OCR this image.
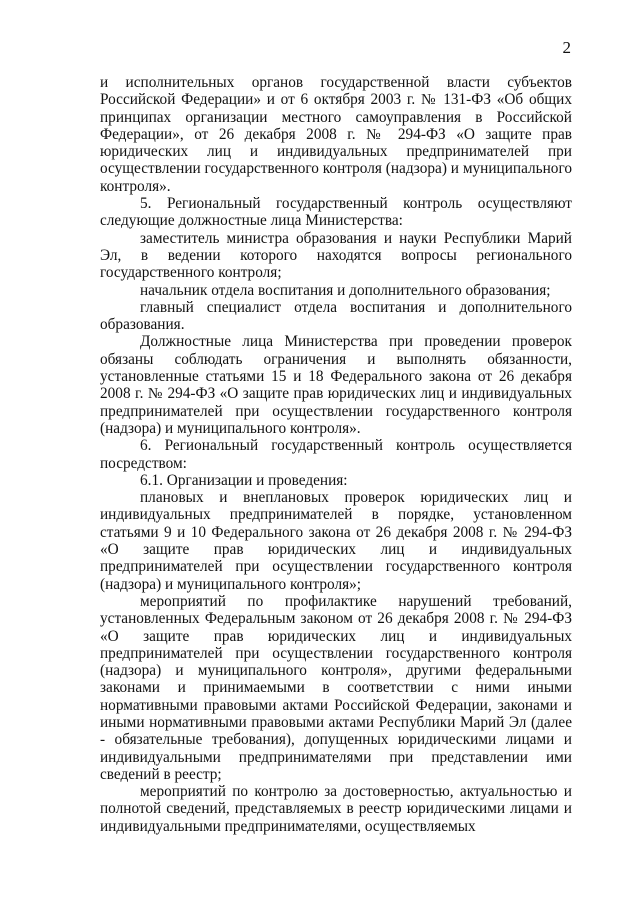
2

и исполнительных органов государственной власти субъектов Российской Федерации» и от 6 октября 2003 г. № 131-ФЗ «Об общих принципах организации местного самоуправления в Российской Федерации», от 26 декабря 2008 г. № 294-ФЗ «О защите прав юридических лиц и индивидуальных предпринимателей при осуществлении государственного контроля (надзора) и муниципального контроля».

5. Региональный государственный контроль осуществляют следующие должностные лица Министерства:

заместитель министра образования и науки Республики Марий Эл, в ведении которого находятся вопросы регионального государственного контроля;

начальник отдела воспитания и дополнительного образования;

главный специалист отдела воспитания и дополнительного образования.

Должностные лица Министерства при проведении проверок обязаны соблюдать ограничения и выполнять обязанности, установленные статьями 15 и 18 Федерального закона от 26 декабря 2008 г. № 294-ФЗ «О защите прав юридических лиц и индивидуальных предпринимателей при осуществлении государственного контроля (надзора) и муниципального контроля».

6. Региональный государственный контроль осуществляется посредством:

6.1. Организации и проведения:

плановых и внеплановых проверок юридических лиц и индивидуальных предпринимателей в порядке, установленном статьями 9 и 10 Федерального закона от 26 декабря 2008 г. № 294-ФЗ «О защите прав юридических лиц и индивидуальных предпринимателей при осуществлении государственного контроля (надзора) и муниципального контроля»;

мероприятий по профилактике нарушений требований, установленных Федеральным законом от 26 декабря 2008 г. № 294-ФЗ «О защите прав юридических лиц и индивидуальных предпринимателей при осуществлении государственного контроля (надзора) и муниципального контроля», другими федеральными законами и принимаемыми в соответствии с ними иными нормативными правовыми актами Российской Федерации, законами и иными нормативными правовыми актами Республики Марий Эл (далее - обязательные требования), допущенных юридическими лицами и индивидуальными предпринимателями при представлении ими сведений в реестр;

мероприятий по контролю за достоверностью, актуальностью и полнотой сведений, представляемых в реестр юридическими лицами и индивидуальными предпринимателями, осуществляемых
